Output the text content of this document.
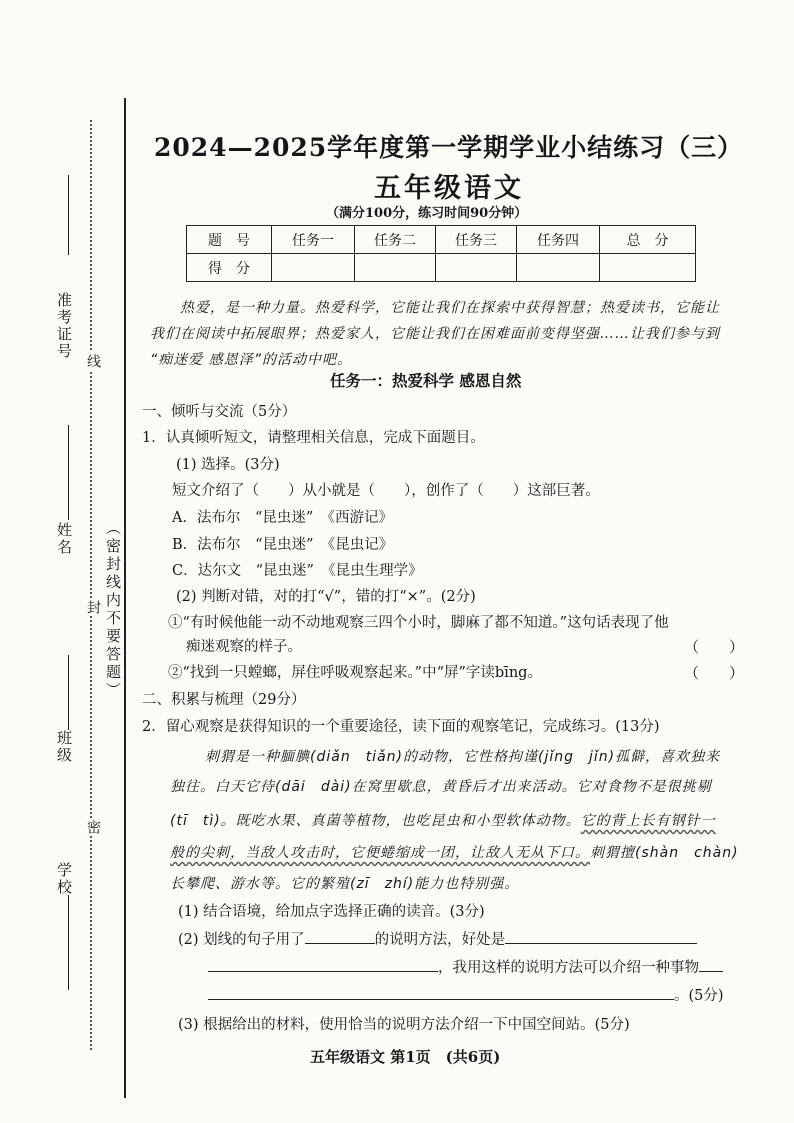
准考证号
姓名
班级
学校
线
封
密
（密封线内不要答题）
2024—2025学年度第一学期学业小结练习（三）
五年级语文
（满分100分，练习时间90分钟）
题　号	任务一	任务二	任务三	任务四	总　分
得　分					
热爱，是一种力量。热爱科学，它能让我们在探索中获得智慧；热爱读书，它能让
我们在阅读中拓展眼界；热爱家人，它能让我们在困难面前变得坚强……让我们参与到
“痴迷爱 感恩泽”的活动中吧。
任务一：热爱科学 感恩自然
一、倾听与交流（5分）
1．认真倾听短文，请整理相关信息，完成下面题目。
(1) 选择。(3分)
短文介绍了（　　）从小就是（　　），创作了（　　）这部巨著。
A．法布尔　“昆虫迷”　《西游记》
B．法布尔　“昆虫迷”　《昆虫记》
C．达尔文　“昆虫迷”　《昆虫生理学》
(2) 判断对错，对的打“√”，错的打“×”。(2分)
①“有时候他能一动不动地观察三四个小时，脚麻了都不知道。”这句话表现了他
痴迷观察的样子。	（　　）
②“找到一只螳螂，屏住呼吸观察起来。”中“屏”字读bīng。	（　　）
二、积累与梳理（29分）
2．留心观察是获得知识的一个重要途径，读下面的观察笔记，完成练习。(13分)
刺猬是一种腼腆(diǎn　tiǎn)的动物，它性格拘谨(jǐng　jǐn)孤僻，喜欢独来
独往。白天它待(dāi　dài)在窝里歇息，黄昏后才出来活动。它对食物不是很挑剔
(tī　tì)。既吃水果、真菌等植物，也吃昆虫和小型软体动物。它的背上长有钢针一
般的尖刺，当敌人攻击时，它便蜷缩成一团，让敌人无从下口。刺猬擅(shàn　chàn)
长攀爬、游水等。它的繁殖(zī　zhí)能力也特别强。
(1) 结合语境，给加点字选择正确的读音。(3分)
(2) 划线的句子用了	的说明方法，好处是
，我用这样的说明方法可以介绍一种事物
。(5分)
(3) 根据给出的材料，使用恰当的说明方法介绍一下中国空间站。(5分)
五年级语文 第1页　(共6页)
